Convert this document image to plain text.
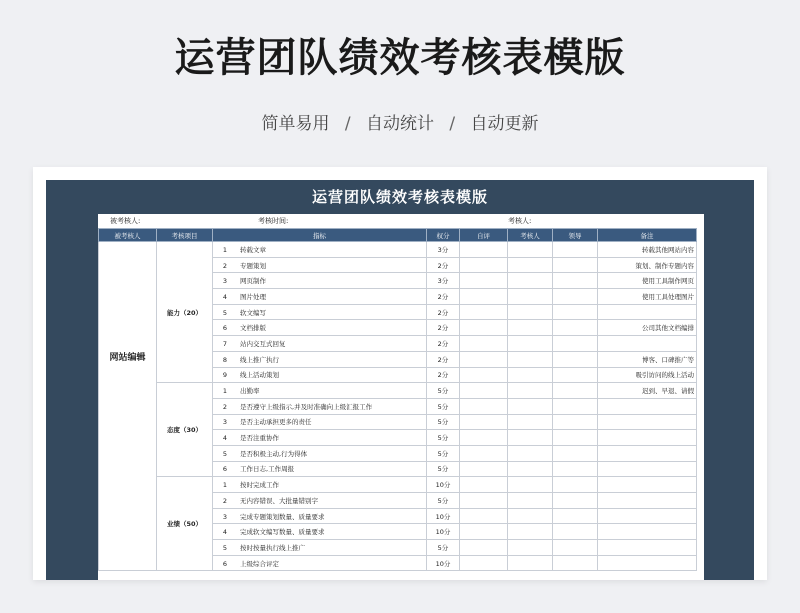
运营团队绩效考核表模版
简单易用 / 自动统计 / 自动更新
运营团队绩效考核表模版
被考核人:	考核时间:	考核人:
被考核人	考核项目	指标	权分	自评	考核人	领导	备注
网站编辑	能力（20）	1 转载文章	3分				转载其他网站内容
		2 专题策划	2分				策划、制作专题内容
		3 网页制作	3分				使用工具制作网页
		4 图片处理	2分				使用工具处理图片
		5 软文编写	2分				
		6 文档排版	2分				公司其他文档编排
		7 站内交互式回复	2分				
		8 线上推广执行	2分				博客、口碑推广等
		9 线上活动策划	2分				吸引访问的线上活动
	态度（30）	1 出勤率	5分				迟到、早退、请假
		2 是否遵守上级指示,并及时准确向上级汇报工作	5分				
		3 是否主动承担更多的责任	5分				
		4 是否注重协作	5分				
		5 是否积极主动,行为得体	5分				
		6 工作日志,工作周报	5分				
	业绩（50）	1 按时完成工作	10分				
		2 无内容错误、大批量错别字	5分				
		3 完成专题策划数量、质量要求	10分				
		4 完成软文编写数量、质量要求	10分				
		5 按时按量执行线上推广	5分				
		6 上级综合评定	10分				
